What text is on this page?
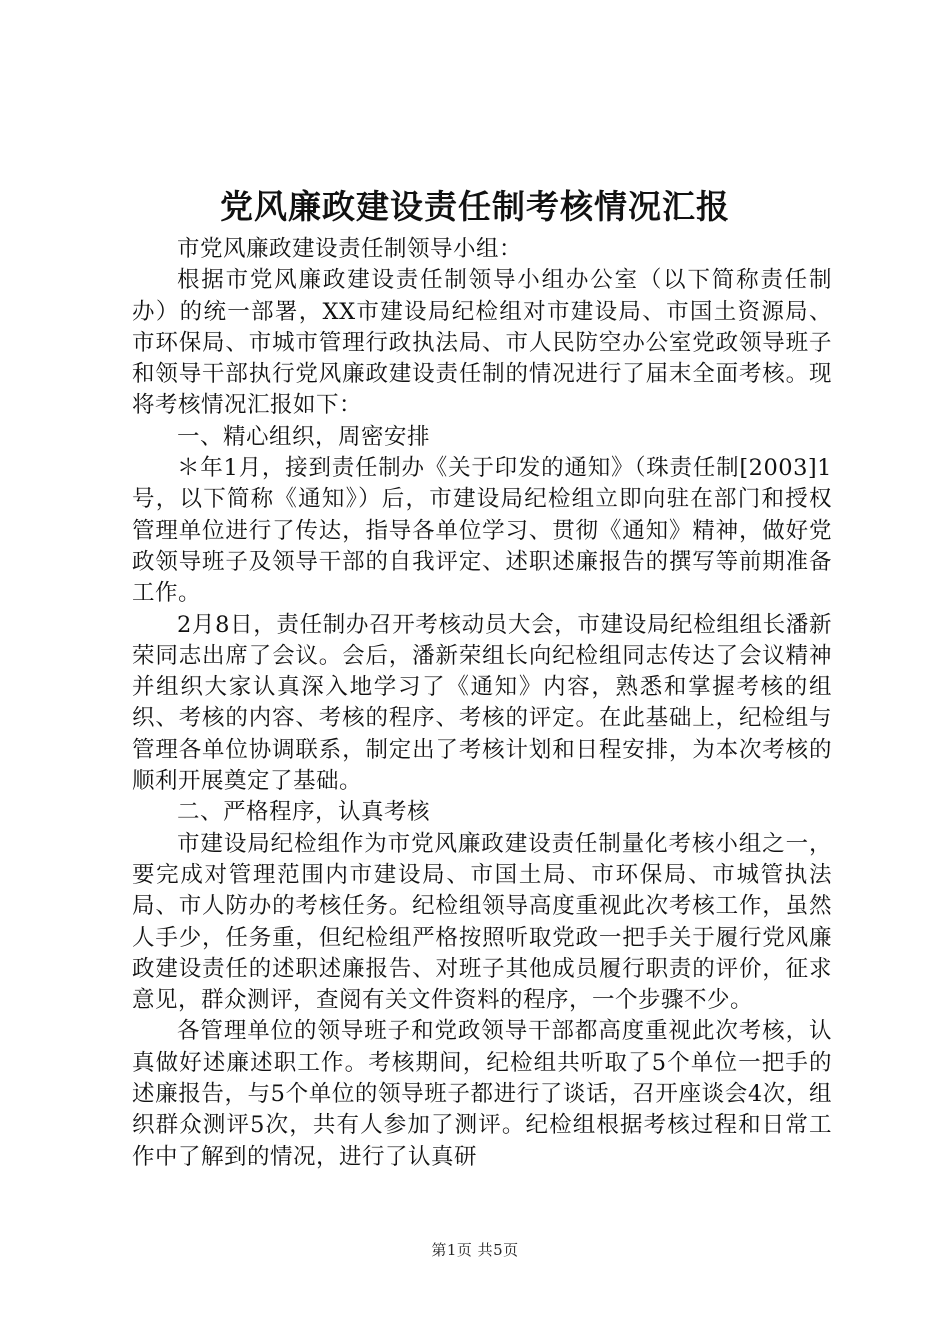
党风廉政建设责任制考核情况汇报

市党风廉政建设责任制领导小组：

根据市党风廉政建设责任制领导小组办公室（以下简称责任制办）的统一部署，XX市建设局纪检组对市建设局、市国土资源局、市环保局、市城市管理行政执法局、市人民防空办公室党政领导班子和领导干部执行党风廉政建设责任制的情况进行了届末全面考核。现将考核情况汇报如下：

一、精心组织，周密安排

＊年1月，接到责任制办《关于印发的通知》（珠责任制[2003]1号，以下简称《通知》）后，市建设局纪检组立即向驻在部门和授权管理单位进行了传达，指导各单位学习、贯彻《通知》精神，做好党政领导班子及领导干部的自我评定、述职述廉报告的撰写等前期准备工作。

2月8日，责任制办召开考核动员大会，市建设局纪检组组长潘新荣同志出席了会议。会后，潘新荣组长向纪检组同志传达了会议精神并组织大家认真深入地学习了《通知》内容，熟悉和掌握考核的组织、考核的内容、考核的程序、考核的评定。在此基础上，纪检组与管理各单位协调联系，制定出了考核计划和日程安排，为本次考核的顺利开展奠定了基础。

二、严格程序，认真考核

市建设局纪检组作为市党风廉政建设责任制量化考核小组之一，要完成对管理范围内市建设局、市国土局、市环保局、市城管执法局、市人防办的考核任务。纪检组领导高度重视此次考核工作，虽然人手少，任务重，但纪检组严格按照听取党政一把手关于履行党风廉政建设责任的述职述廉报告、对班子其他成员履行职责的评价，征求意见，群众测评，查阅有关文件资料的程序，一个步骤不少。

各管理单位的领导班子和党政领导干部都高度重视此次考核，认真做好述廉述职工作。考核期间，纪检组共听取了5个单位一把手的述廉报告，与5个单位的领导班子都进行了谈话，召开座谈会4次，组织群众测评5次，共有人参加了测评。纪检组根据考核过程和日常工作中了解到的情况，进行了认真研

第1页 共5页
